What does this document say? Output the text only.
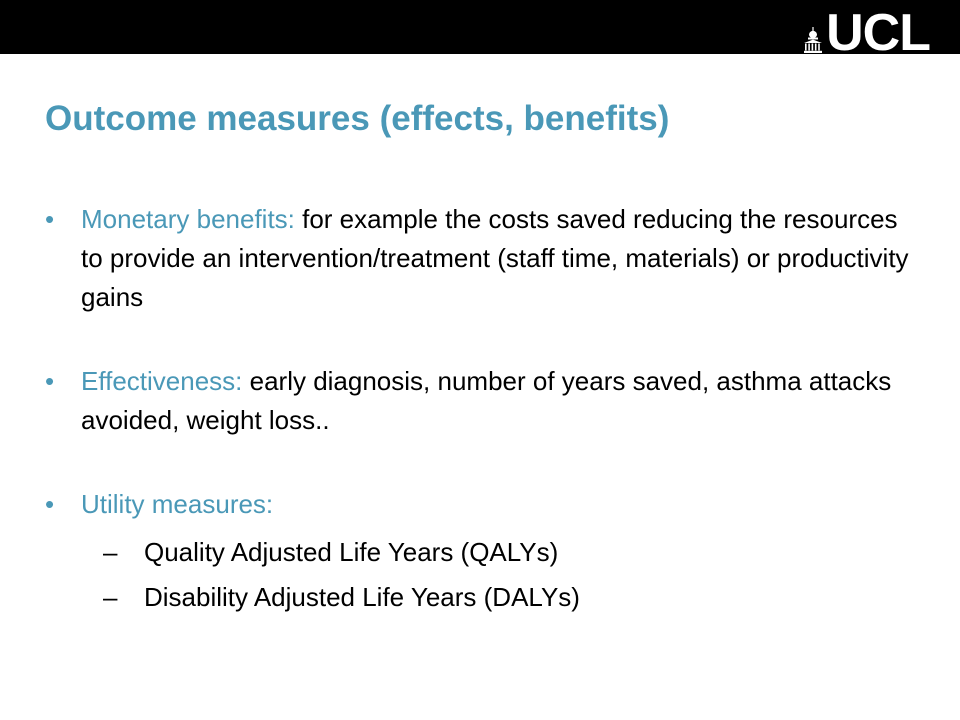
UCL
Outcome measures (effects, benefits)
• Monetary benefits: for example the costs saved reducing the resources to provide an intervention/treatment (staff time, materials) or productivity gains
• Effectiveness: early diagnosis, number of years saved, asthma attacks avoided, weight loss..
• Utility measures:
– Quality Adjusted Life Years (QALYs)
– Disability Adjusted Life Years (DALYs)
